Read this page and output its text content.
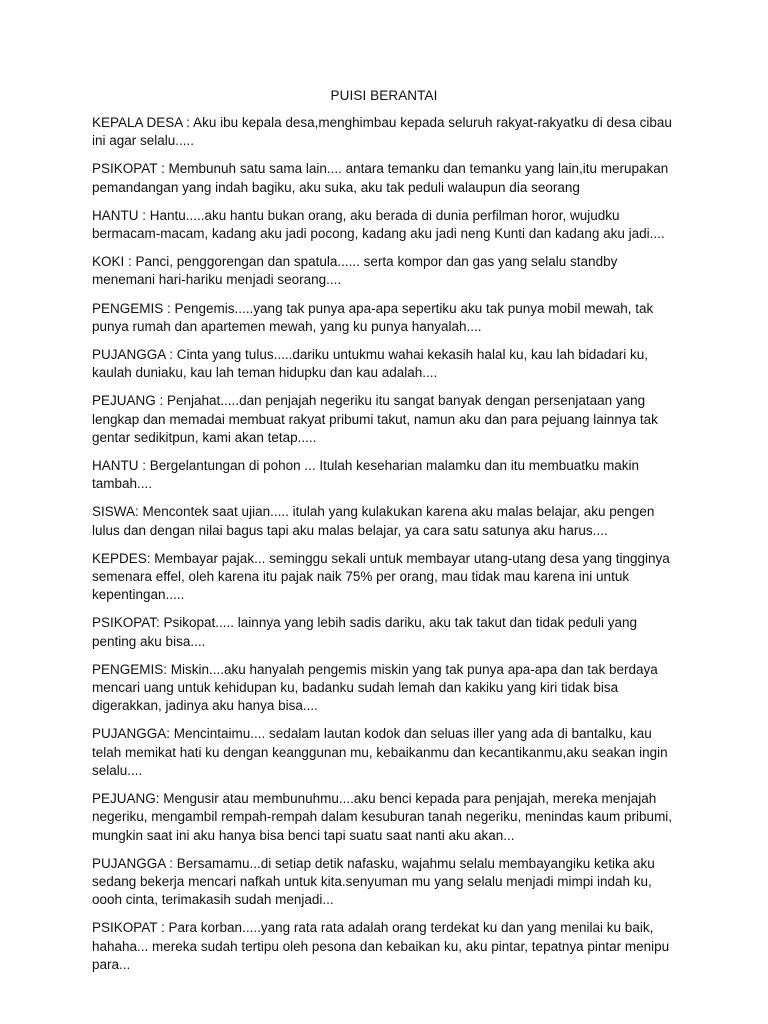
PUISI BERANTAI

KEPALA DESA : Aku ibu kepala desa,menghimbau kepada seluruh rakyat-rakyatku di desa cibau ini agar selalu.....

PSIKOPAT : Membunuh satu sama lain.... antara temanku dan temanku yang lain,itu merupakan pemandangan yang indah bagiku, aku suka, aku tak peduli walaupun dia seorang

HANTU : Hantu.....aku hantu bukan orang, aku berada di dunia perfilman horor, wujudku bermacam-macam, kadang aku jadi pocong, kadang aku jadi neng Kunti dan kadang aku jadi....

KOKI : Panci, penggorengan dan spatula...... serta kompor dan gas yang selalu standby menemani hari-hariku menjadi seorang....

PENGEMIS : Pengemis.....yang tak punya apa-apa sepertiku aku tak punya mobil mewah, tak punya rumah dan apartemen mewah, yang ku punya hanyalah....

PUJANGGA : Cinta yang tulus.....dariku untukmu wahai kekasih halal ku, kau lah bidadari ku, kaulah duniaku, kau lah teman hidupku dan kau adalah....

PEJUANG : Penjahat.....dan penjajah negeriku itu sangat banyak dengan persenjataan yang lengkap dan memadai membuat rakyat pribumi takut, namun aku dan para pejuang lainnya tak gentar sedikitpun, kami akan tetap.....

HANTU : Bergelantungan di pohon ... Itulah keseharian malamku dan itu membuatku makin tambah....

SISWA: Mencontek saat ujian..... itulah yang kulakukan karena aku malas belajar, aku pengen lulus dan dengan nilai bagus tapi aku malas belajar, ya cara satu satunya aku harus....

KEPDES: Membayar pajak... seminggu sekali untuk membayar utang-utang desa yang tingginya semenara effel, oleh karena itu pajak naik 75% per orang, mau tidak mau karena ini untuk kepentingan.....

PSIKOPAT: Psikopat..... lainnya yang lebih sadis dariku, aku tak takut dan tidak peduli yang penting aku bisa....

PENGEMIS: Miskin....aku hanyalah pengemis miskin yang tak punya apa-apa dan tak berdaya mencari uang untuk kehidupan ku, badanku sudah lemah dan kakiku yang kiri tidak bisa digerakkan, jadinya aku hanya bisa....

PUJANGGA: Mencintaimu.... sedalam lautan kodok dan seluas iller yang ada di bantalku, kau telah memikat hati ku dengan keanggunan mu, kebaikanmu dan kecantikanmu,aku seakan ingin selalu....

PEJUANG: Mengusir atau membunuhmu....aku benci kepada para penjajah, mereka menjajah negeriku, mengambil rempah-rempah dalam kesuburan tanah negeriku, menindas kaum pribumi, mungkin saat ini aku hanya bisa benci tapi suatu saat nanti aku akan...

PUJANGGA : Bersamamu...di setiap detik nafasku, wajahmu selalu membayangiku ketika aku sedang bekerja mencari nafkah untuk kita.senyuman mu yang selalu menjadi mimpi indah ku, oooh cinta, terimakasih sudah menjadi...

PSIKOPAT : Para korban.....yang rata rata adalah orang terdekat ku dan yang menilai ku baik, hahaha... mereka sudah tertipu oleh pesona dan kebaikan ku, aku pintar, tepatnya pintar menipu para...
